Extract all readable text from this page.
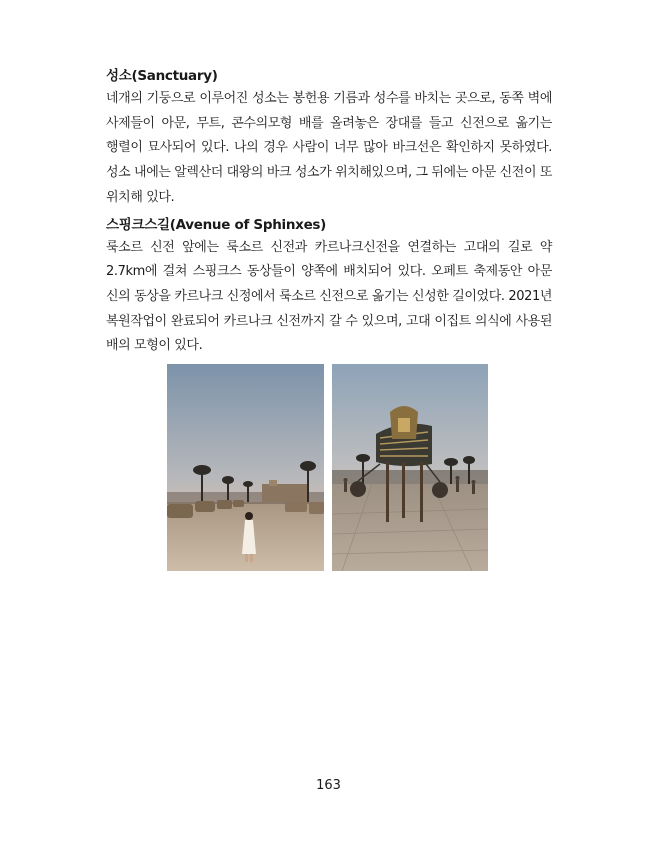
성소(Sanctuary)

네개의 기둥으로 이루어진 성소는 봉헌용 기름과 성수를 바치는 곳으로, 동쪽 벽에 사제들이 아문, 무트, 콘수의모형 배를 올려놓은 장대를 들고 신전으로 옮기는 행렬이 묘사되어 있다. 나의 경우 사람이 너무 많아 바크선은 확인하지 못하였다. 성소 내에는 알렉산더 대왕의 바크 성소가 위치해있으며, 그 뒤에는 아문 신전이 또 위치해 있다.

스핑크스길(Avenue of Sphinxes)

룩소르 신전 앞에는 룩소르 신전과 카르나크신전을 연결하는 고대의 길로 약 2.7km에 걸쳐 스핑크스 동상들이 양쪽에 배치되어 있다. 오페트 축제동안 아문 신의 동상을 카르나크 신정에서 룩소르 신전으로 옮기는 신성한 길이었다. 2021년 복원작업이 완료되어 카르나크 신전까지 갈 수 있으며, 고대 이집트 의식에 사용된 배의 모형이 있다.

163
